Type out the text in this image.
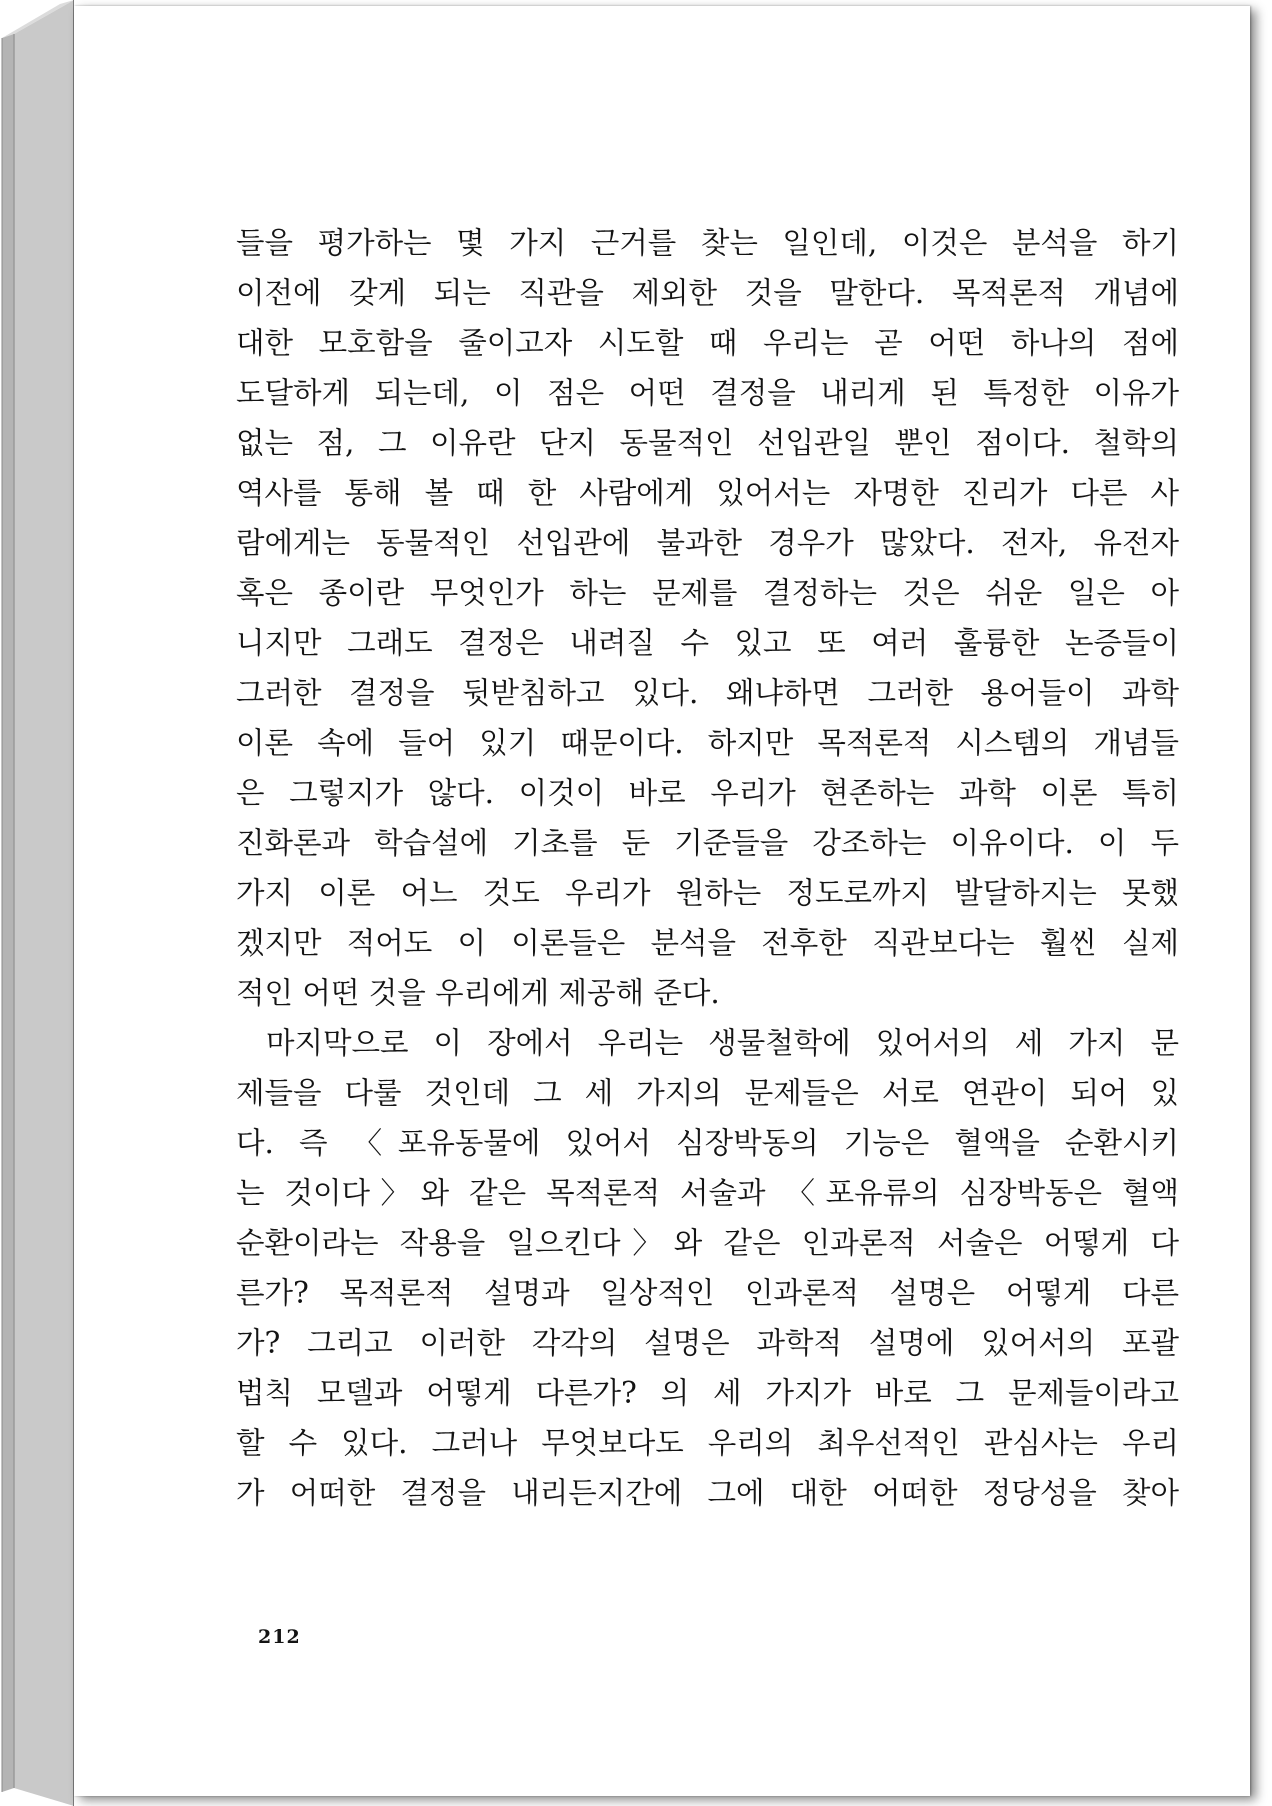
들을 평가하는 몇 가지 근거를 찾는 일인데, 이것은 분석을 하기
이전에 갖게 되는 직관을 제외한 것을 말한다. 목적론적 개념에
대한 모호함을 줄이고자 시도할 때 우리는 곧 어떤 하나의 점에
도달하게 되는데, 이 점은 어떤 결정을 내리게 된 특정한 이유가
없는 점, 그 이유란 단지 동물적인 선입관일 뿐인 점이다. 철학의
역사를 통해 볼 때 한 사람에게 있어서는 자명한 진리가 다른 사
람에게는 동물적인 선입관에 불과한 경우가 많았다. 전자, 유전자
혹은 종이란 무엇인가 하는 문제를 결정하는 것은 쉬운 일은 아
니지만 그래도 결정은 내려질 수 있고 또 여러 훌륭한 논증들이
그러한 결정을 뒷받침하고 있다. 왜냐하면 그러한 용어들이 과학
이론 속에 들어 있기 때문이다. 하지만 목적론적 시스템의 개념들
은 그렇지가 않다. 이것이 바로 우리가 현존하는 과학 이론 특히
진화론과 학습설에 기초를 둔 기준들을 강조하는 이유이다. 이 두
가지 이론 어느 것도 우리가 원하는 정도로까지 발달하지는 못했
겠지만 적어도 이 이론들은 분석을 전후한 직관보다는 훨씬 실제
적인 어떤 것을 우리에게 제공해 준다.
마지막으로 이 장에서 우리는 생물철학에 있어서의 세 가지 문
제들을 다룰 것인데 그 세 가지의 문제들은 서로 연관이 되어 있
다. 즉 〈포유동물에 있어서 심장박동의 기능은 혈액을 순환시키
는 것이다〉와 같은 목적론적 서술과 〈포유류의 심장박동은 혈액
순환이라는 작용을 일으킨다〉와 같은 인과론적 서술은 어떻게 다
른가? 목적론적 설명과 일상적인 인과론적 설명은 어떻게 다른
가? 그리고 이러한 각각의 설명은 과학적 설명에 있어서의 포괄
법칙 모델과 어떻게 다른가? 의 세 가지가 바로 그 문제들이라고
할 수 있다. 그러나 무엇보다도 우리의 최우선적인 관심사는 우리
가 어떠한 결정을 내리든지간에 그에 대한 어떠한 정당성을 찾아
212
